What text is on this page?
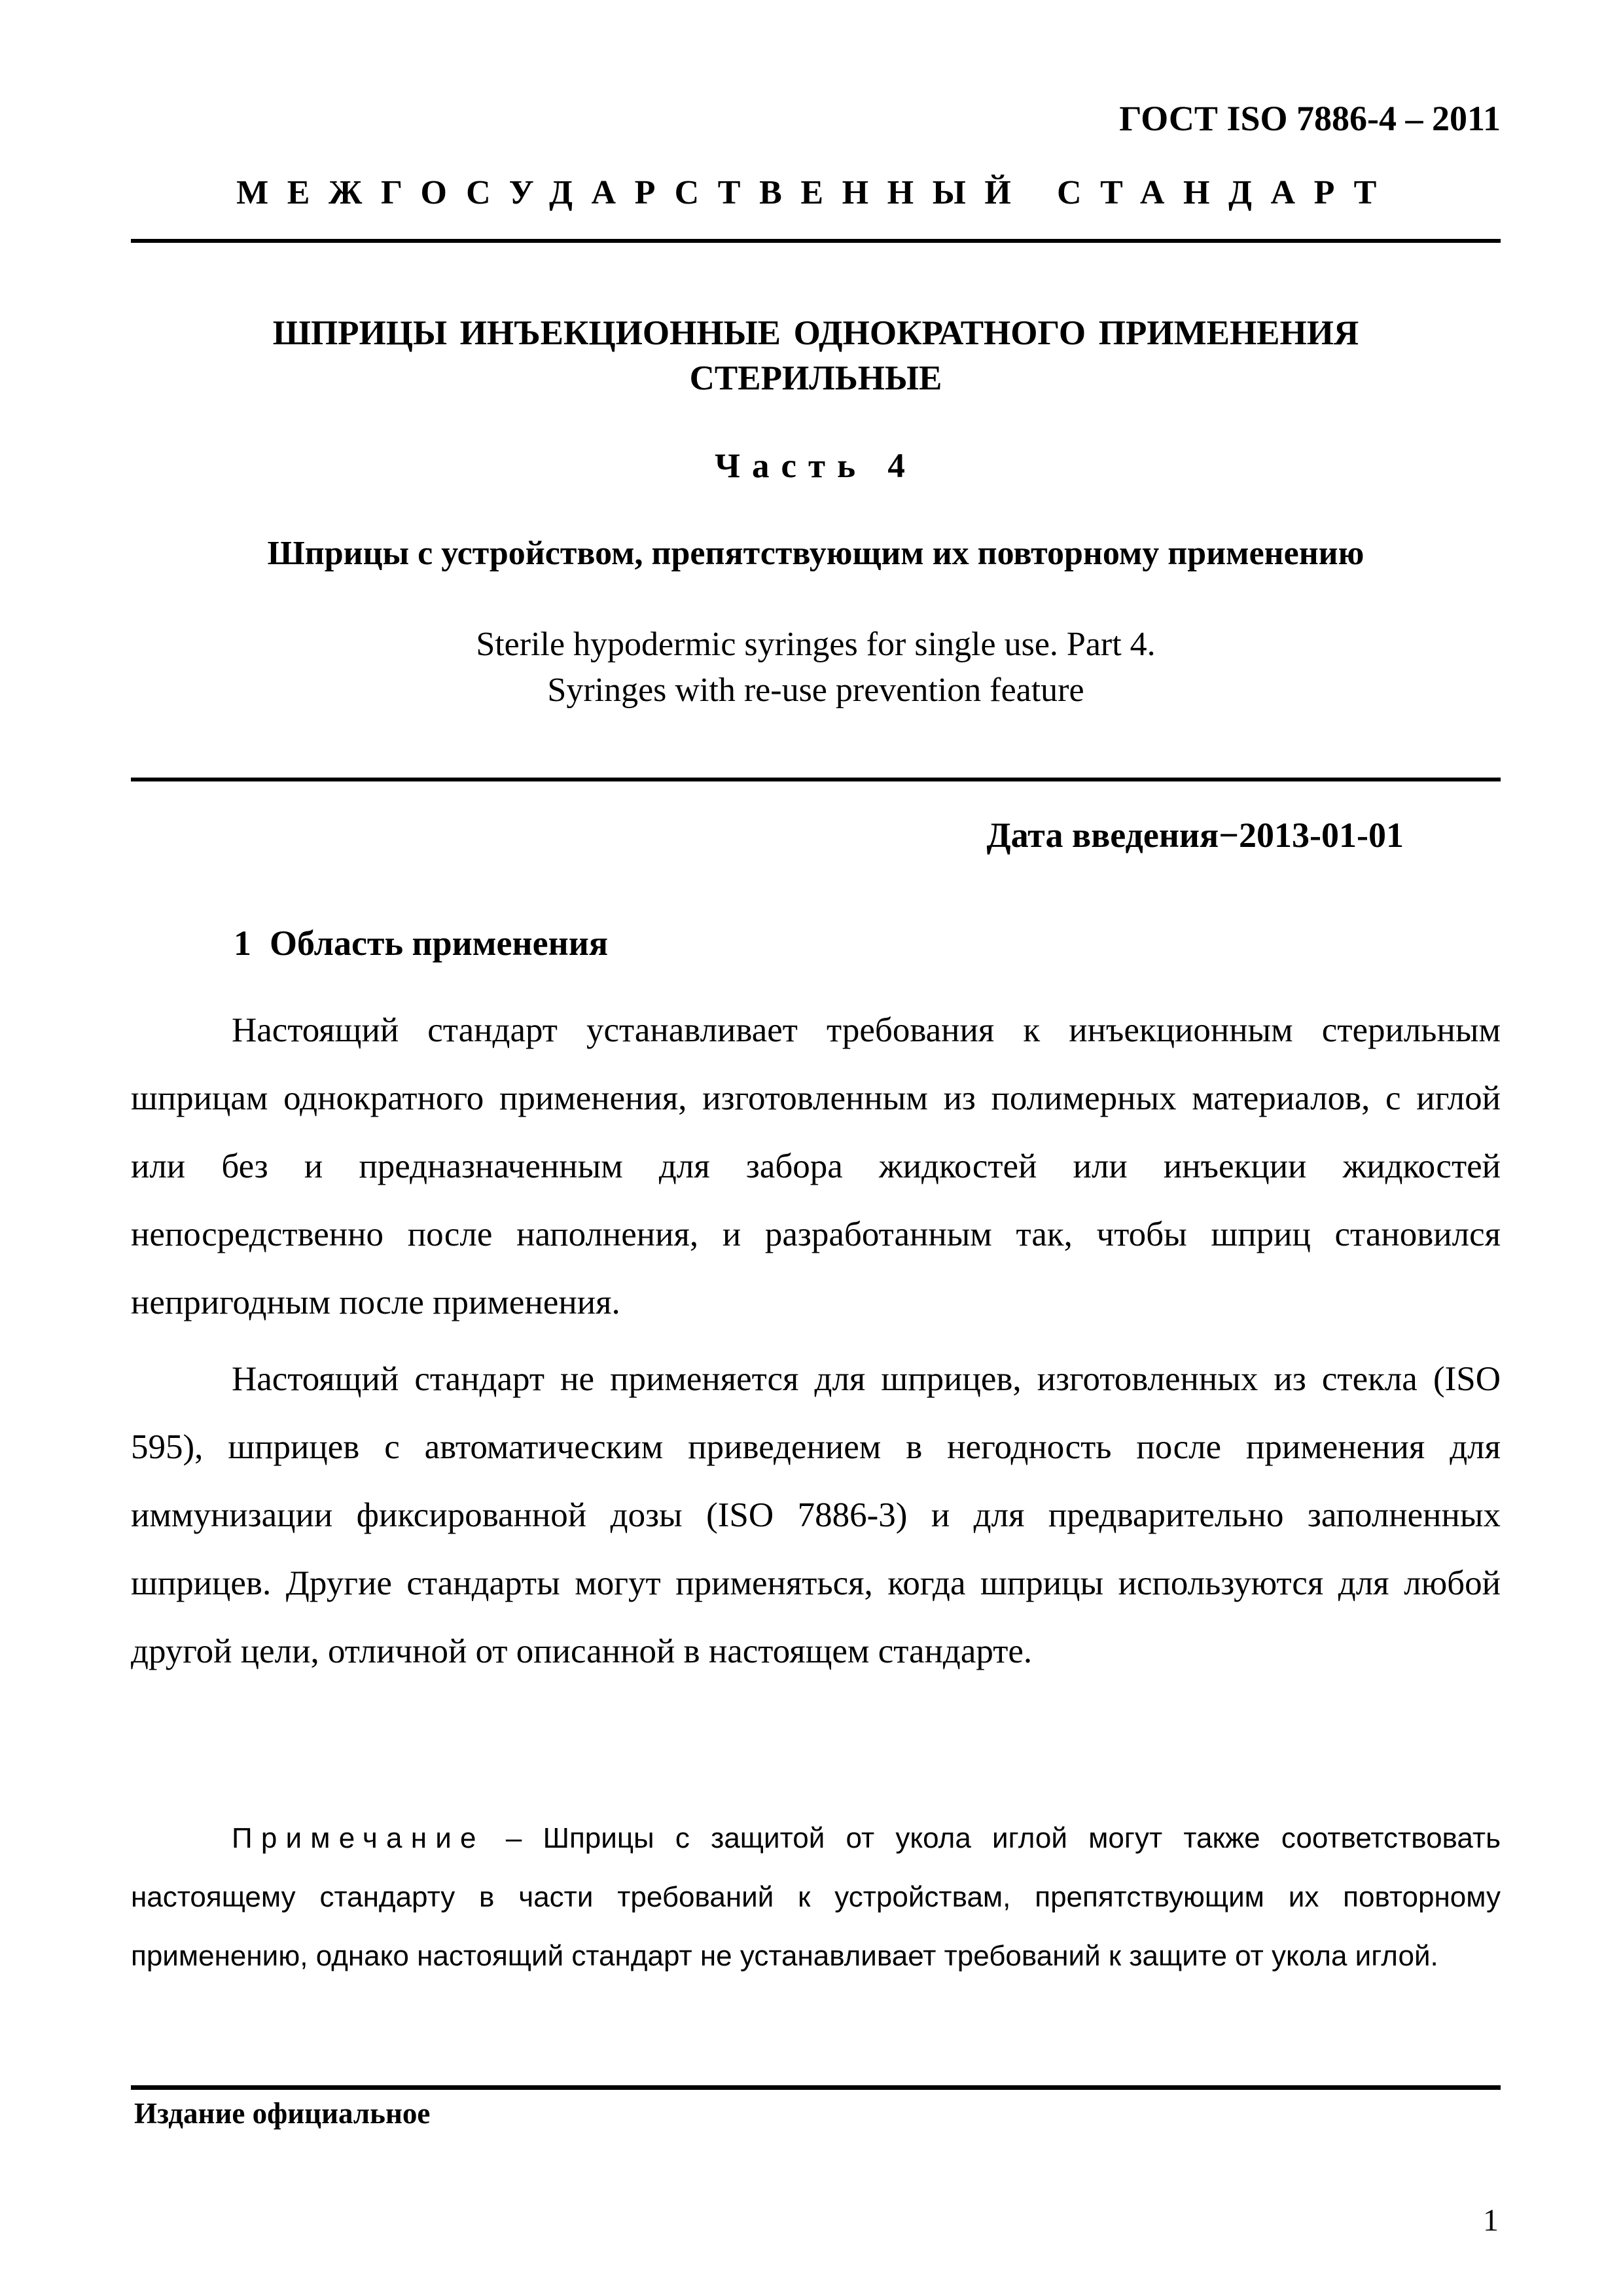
ГОСТ ISO 7886-4 – 2011
МЕЖГОСУДАРСТВЕННЫЙ СТАНДАРТ
ШПРИЦЫ ИНЪЕКЦИОННЫЕ ОДНОКРАТНОГО ПРИМЕНЕНИЯ
СТЕРИЛЬНЫЕ
Часть 4
Шприцы с устройством, препятствующим их повторному применению
Sterile hypodermic syringes for single use. Part 4.
Syringes with re-use prevention feature
Дата введения−2013-01-01
1 Область применения
Настоящий стандарт устанавливает требования к инъекционным стерильным шприцам однократного применения, изготовленным из полимерных материалов, с иглой или без и предназначенным для забора жидкостей или инъекции жидкостей непосредственно после наполнения, и разработанным так, чтобы шприц становился непригодным после применения.
Настоящий стандарт не применяется для шприцев, изготовленных из стекла (ISO 595), шприцев с автоматическим приведением в негодность после применения для иммунизации фиксированной дозы (ISO 7886-3) и для предварительно заполненных шприцев. Другие стандарты могут применяться, когда шприцы используются для любой другой цели, отличной от описанной в настоящем стандарте.
Примечание – Шприцы с защитой от укола иглой могут также соответствовать настоящему стандарту в части требований к устройствам, препятствующим их повторному применению, однако настоящий стандарт не устанавливает требований к защите от укола иглой.
Издание официальное
1
